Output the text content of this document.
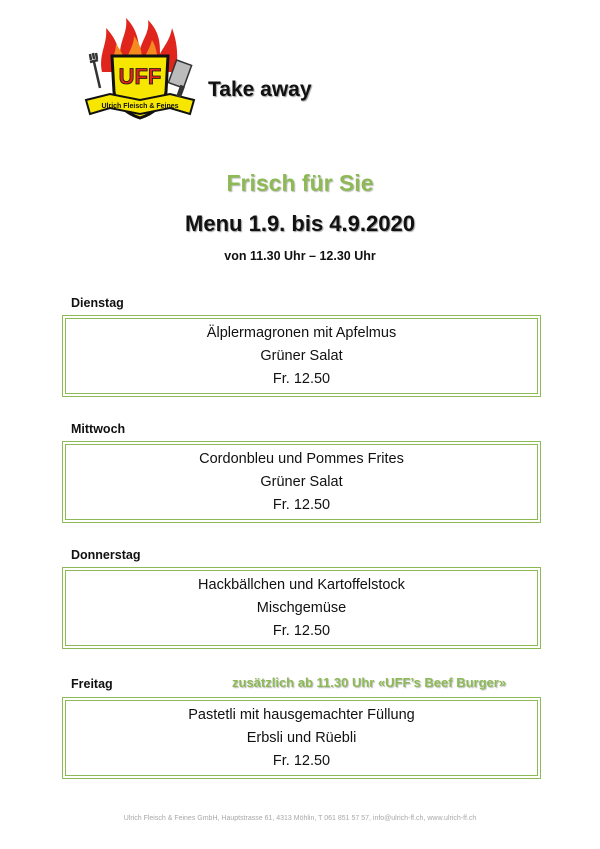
UFF
Ulrich Fleisch & Feines
Take away
Frisch für Sie
Menu 1.9. bis 4.9.2020
von 11.30 Uhr – 12.30 Uhr
Dienstag
Älplermagronen mit Apfelmus
Grüner Salat
Fr. 12.50
Mittwoch
Cordonbleu und Pommes Frites
Grüner Salat
Fr. 12.50
Donnerstag
Hackbällchen und Kartoffelstock
Mischgemüse
Fr. 12.50
Freitag	zusätzlich ab 11.30 Uhr «UFF’s Beef Burger»
Pastetli mit hausgemachter Füllung
Erbsli und Rüebli
Fr. 12.50
Ulrich Fleisch & Feines GmbH, Hauptstrasse 61, 4313 Möhlin, T 061 851 57 57, info@ulrich-ff.ch, www.ulrich-ff.ch
